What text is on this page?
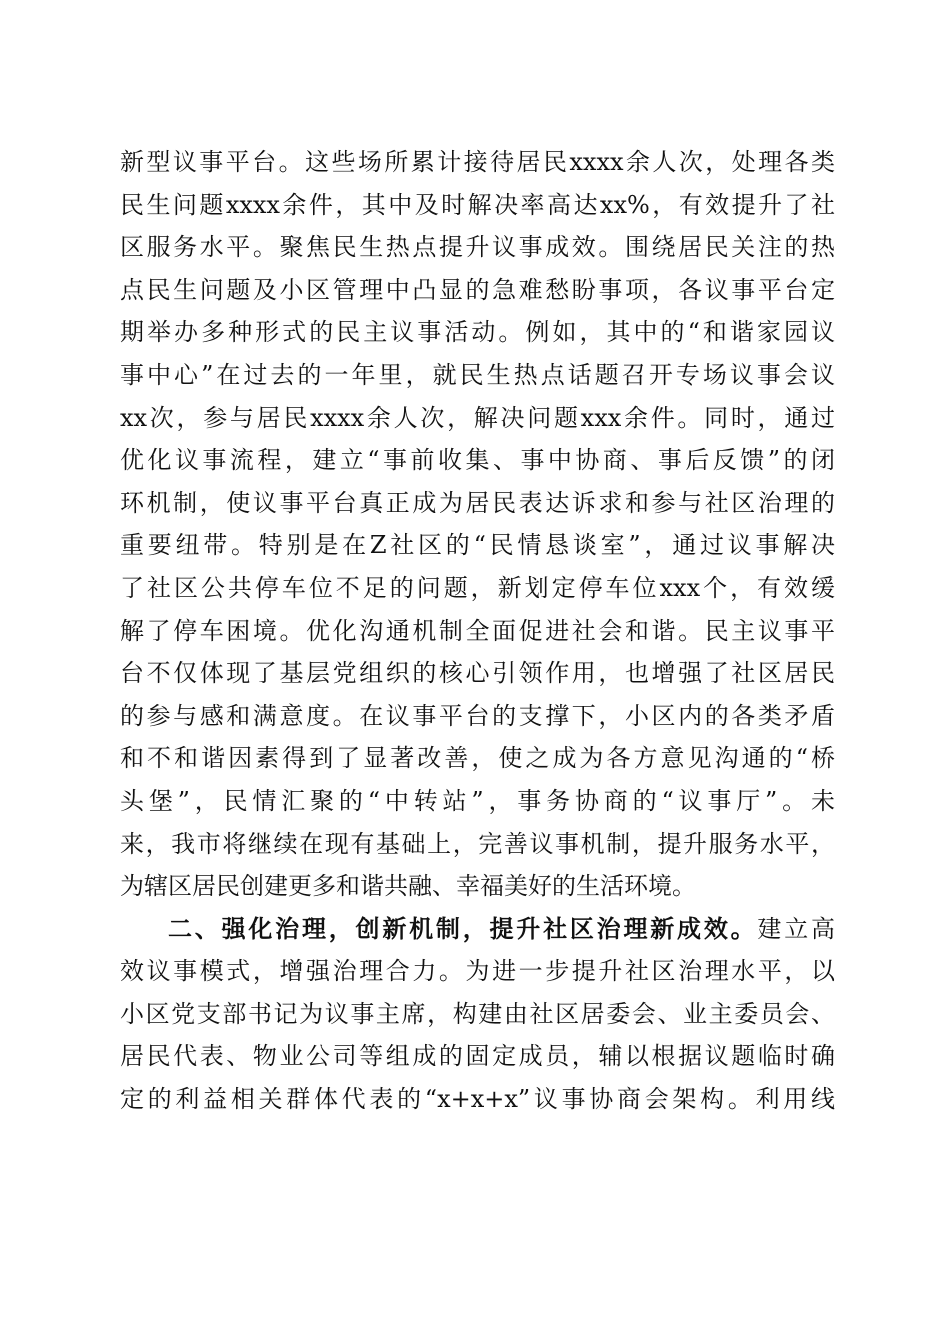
新型议事平台。这些场所累计接待居民xxxx余人次，处理各类
民生问题xxxx余件，其中及时解决率高达xx%，有效提升了社
区服务水平。聚焦民生热点提升议事成效。围绕居民关注的热
点民生问题及小区管理中凸显的急难愁盼事项，各议事平台定
期举办多种形式的民主议事活动。例如，其中的“和谐家园议
事中心”在过去的一年里，就民生热点话题召开专场议事会议
xx次，参与居民xxxx余人次，解决问题xxx余件。同时，通过
优化议事流程，建立“事前收集、事中协商、事后反馈”的闭
环机制，使议事平台真正成为居民表达诉求和参与社区治理的
重要纽带。特别是在Z社区的“民情恳谈室”，通过议事解决
了社区公共停车位不足的问题，新划定停车位xxx个，有效缓
解了停车困境。优化沟通机制全面促进社会和谐。民主议事平
台不仅体现了基层党组织的核心引领作用，也增强了社区居民
的参与感和满意度。在议事平台的支撑下，小区内的各类矛盾
和不和谐因素得到了显著改善，使之成为各方意见沟通的“桥
头堡”，民情汇聚的“中转站”，事务协商的“议事厅”。未
来，我市将继续在现有基础上，完善议事机制，提升服务水平，
为辖区居民创建更多和谐共融、幸福美好的生活环境。
二、强化治理，创新机制，提升社区治理新成效。建立高
效议事模式，增强治理合力。为进一步提升社区治理水平，以
小区党支部书记为议事主席，构建由社区居委会、业主委员会、
居民代表、物业公司等组成的固定成员，辅以根据议题临时确
定的利益相关群体代表的“x+x+x”议事协商会架构。利用线
